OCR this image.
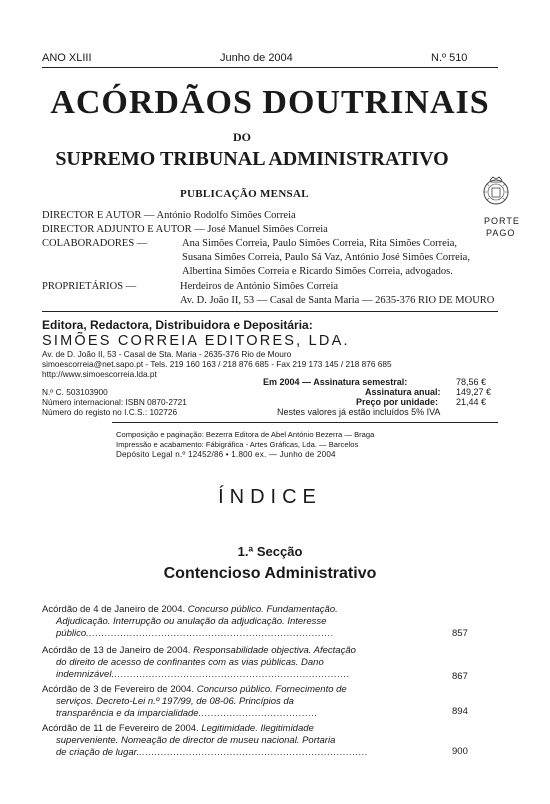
ANO XLIII	Junho de 2004	N.º 510
ACÓRDÃOS DOUTRINAIS
DO
SUPREMO TRIBUNAL ADMINISTRATIVO
PUBLICAÇÃO MENSAL
DIRECTOR E AUTOR — António Rodolfo Simões Correia
DIRECTOR ADJUNTO E AUTOR — José Manuel Simões Correia
COLABORADORES —	Ana Simões Correia, Paulo Simões Correia, Rita Simões Correia,
Susana Simões Correia, Paulo Sá Vaz, António José Simões Correia,
Albertina Simões Correia e Ricardo Simões Correia, advogados.
PROPRIETÁRIOS —	Herdeiros de António Simões Correia
Av. D. João II, 53 — Casal de Santa Maria — 2635-376 RIO DE MOURO
PORTE
PAGO
Editora, Redactora, Distribuidora e Depositária:
SIMÕES CORREIA EDITORES, LDA.
Av. de D. João II, 53 - Casal de Sta. Maria - 2635-376 Rio de Mouro
simoescorreia@net.sapo.pt - Tels. 219 160 163 / 218 876 685 - Fax 219 173 145 / 218 876 685
http://www.simoescorreia.lda.pt
N.º C. 503103900
Número internacional: ISBN 0870-2721
Número do registo no I.C.S.: 102726
Em 2004 — Assinatura semestral:	78,56 €
Assinatura anual: 149,27 €
Preço por unidade: 21,44 €
Nestes valores já estão incluídos 5% IVA
Composição e paginação: Bezerra Editora de Abel António Bezerra — Braga
Impressão e acabamento: Fábigráfica - Artes Gráficas, Lda. — Barcelos
Depósito Legal n.º 12452/86 • 1.800 ex. — Junho de 2004
ÍNDICE
1.ª Secção
Contencioso Administrativo
Acórdão de 4 de Janeiro de 2004. Concurso público. Fundamentação.
Adjudicação. Interrupção ou anulação da adjudicação. Interesse
público...............................................................................	857
Acórdão de 13 de Janeiro de 2004. Responsabilidade objectiva. Afectação
do direito de acesso de confinantes com as vias públicas. Dano
indemnizável............................................................................	867
Acórdão de 3 de Fevereiro de 2004. Concurso público. Fornecimento de
serviços. Decreto-Lei n.º 197/99, de 08-06. Princípios da
transparência e da imparcialidade......................................	894
Acórdão de 11 de Fevereiro de 2004. Legitimidade. Ilegitimidade
superveniente. Nomeação de director de museu nacional. Portaria
de criação de lugar..........................................................................	900
